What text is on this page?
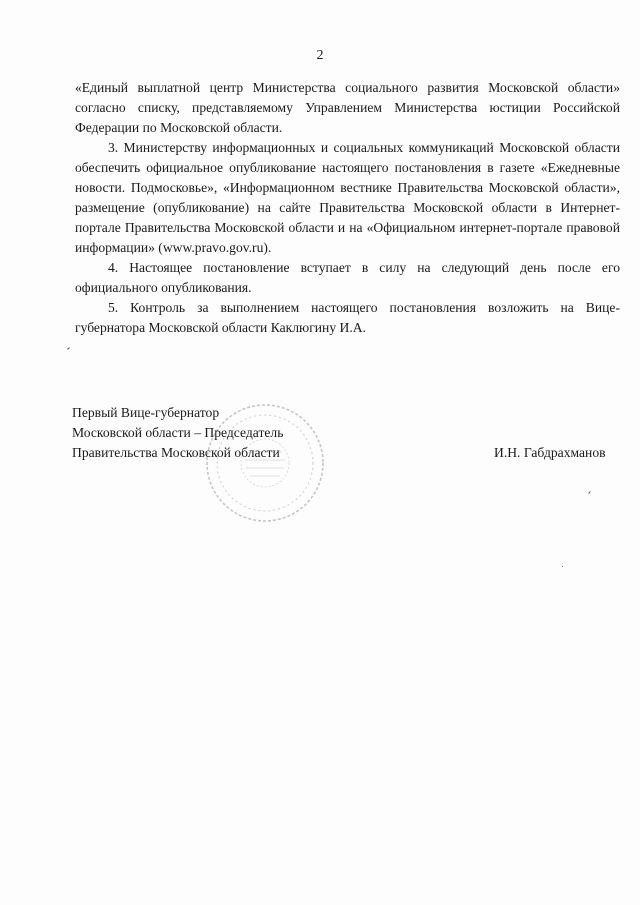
2

«Единый выплатной центр Министерства социального развития Московской области» согласно списку, представляемому Управлением Министерства юстиции Российской Федерации по Московской области.

3. Министерству информационных и социальных коммуникаций Московской области обеспечить официальное опубликование настоящего постановления в газете «Ежедневные новости. Подмосковье», «Информационном вестнике Правительства Московской области», размещение (опубликование) на сайте Правительства Московской области в Интернет-портале Правительства Московской области и на «Официальном интернет-портале правовой информации» (www.pravo.gov.ru).

4. Настоящее постановление вступает в силу на следующий день после его официального опубликования.

5. Контроль за выполнением настоящего постановления возложить на Вице-губернатора Московской области Каклюгину И.А.

Первый Вице-губернатор
Московской области – Председатель
Правительства Московской области	И.Н. Габдрахманов
